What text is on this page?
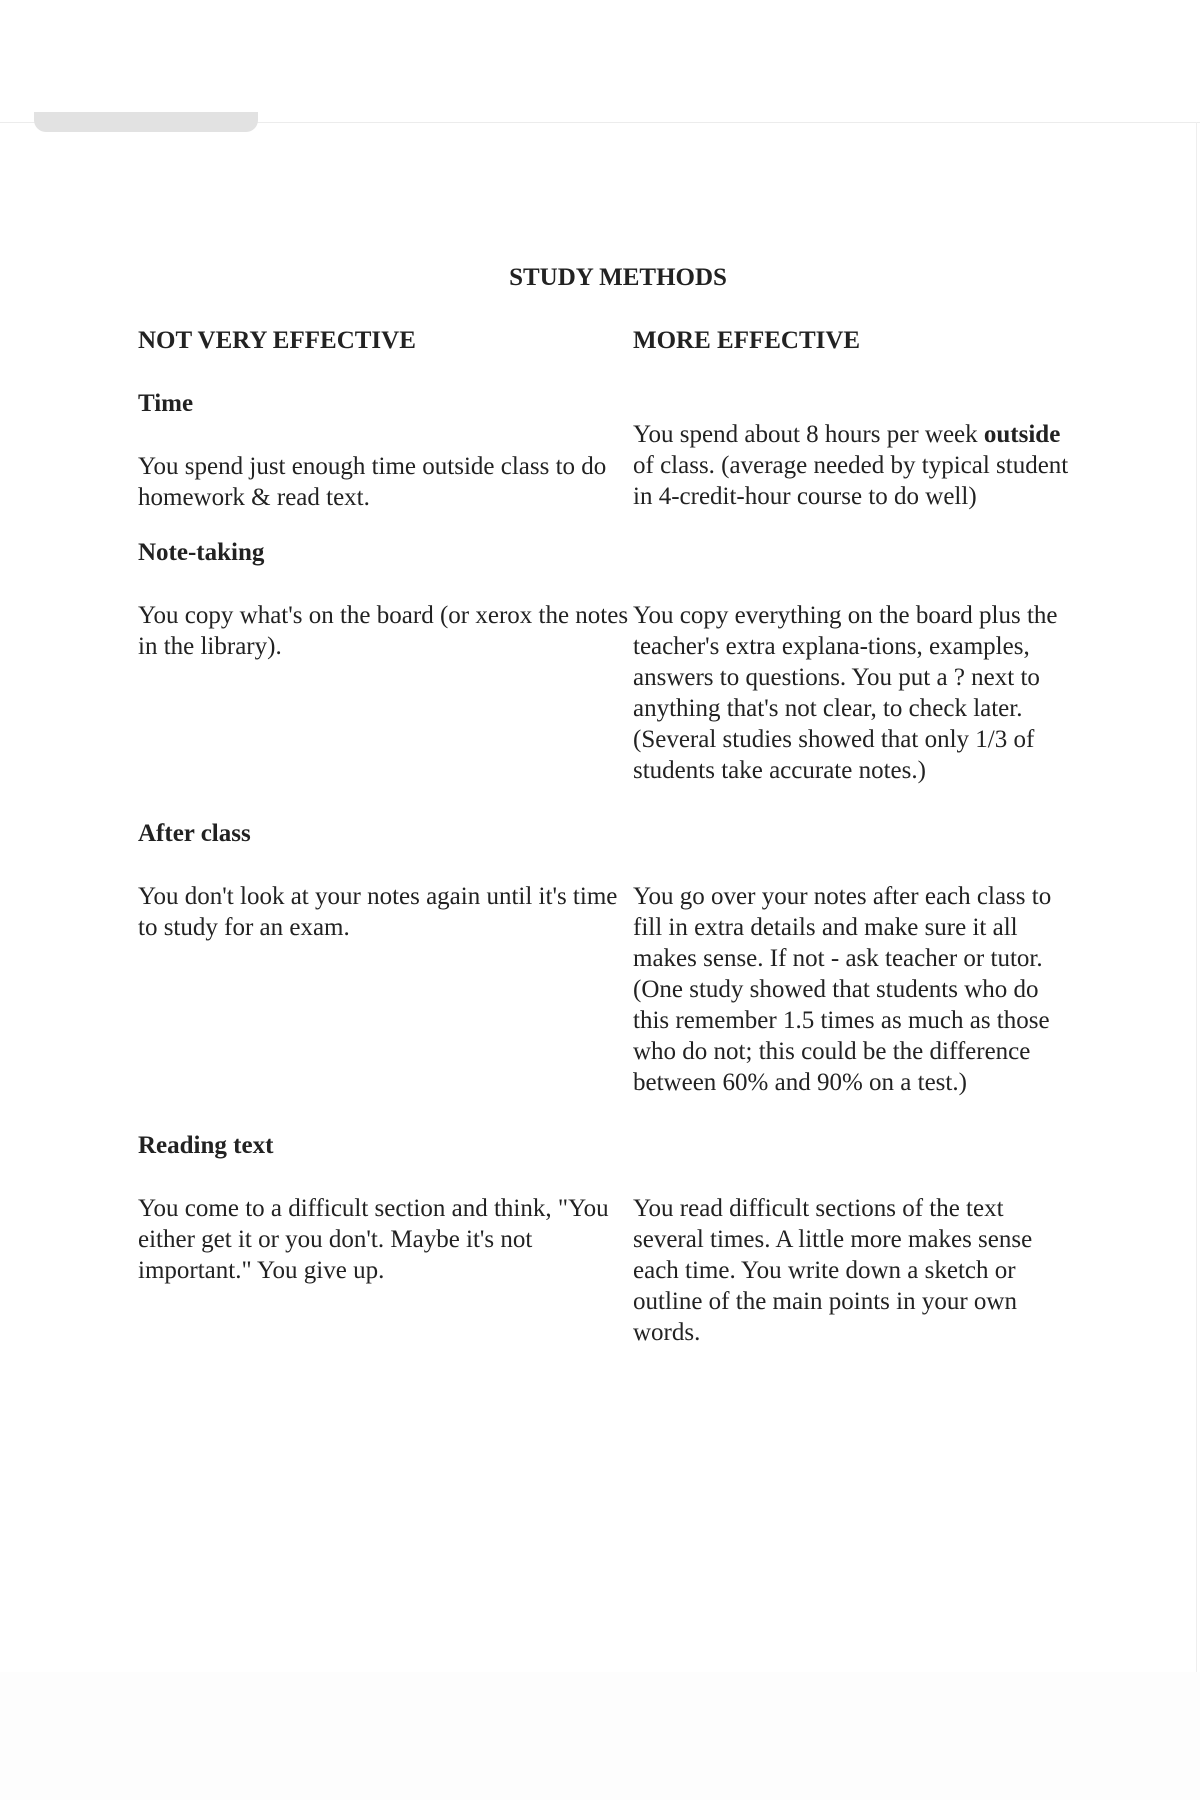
STUDY METHODS
NOT VERY EFFECTIVE	MORE EFFECTIVE
Time

You spend just enough time outside class to do homework & read text.

You spend about 8 hours per week outside of class. (average needed by typical student in 4-credit-hour course to do well)

Note-taking

You copy what's on the board (or xerox the notes in the library).

You copy everything on the board plus the teacher's extra explana-tions, examples, answers to questions. You put a ? next to anything that's not clear, to check later. (Several studies showed that only 1/3 of students take accurate notes.)

After class

You don't look at your notes again until it's time to study for an exam.

You go over your notes after each class to fill in extra details and make sure it all makes sense. If not - ask teacher or tutor. (One study showed that students who do this remember 1.5 times as much as those who do not; this could be the difference between 60% and 90% on a test.)

Reading text

You come to a difficult section and think, "You either get it or you don't. Maybe it's not important." You give up.

You read difficult sections of the text several times. A little more makes sense each time. You write down a sketch or outline of the main points in your own words.
